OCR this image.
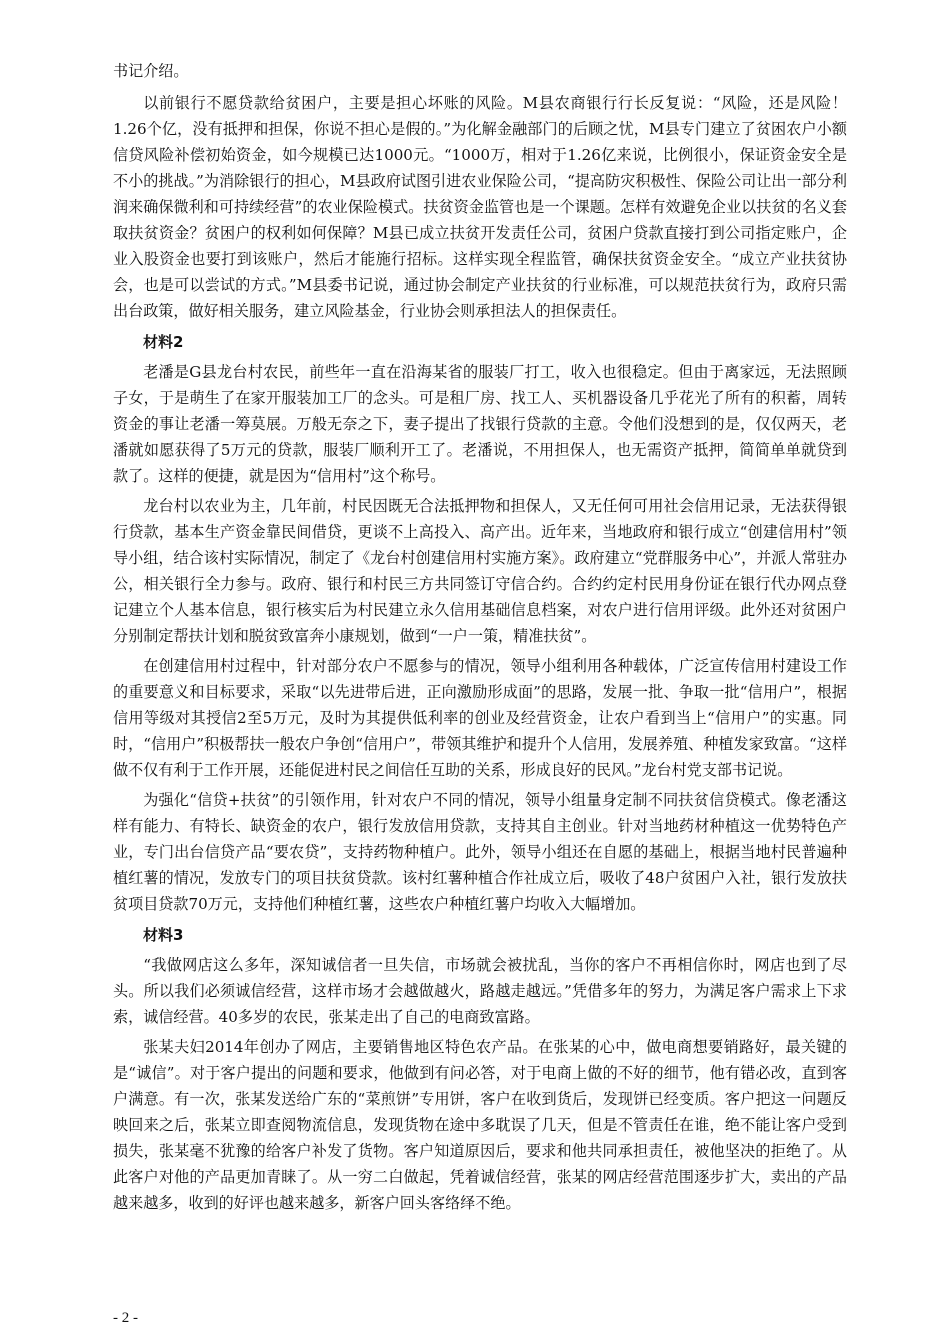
书记介绍。

以前银行不愿贷款给贫困户，主要是担心坏账的风险。M县农商银行行长反复说：“风险，还是风险！1.26个亿，没有抵押和担保，你说不担心是假的。”为化解金融部门的后顾之忧，M县专门建立了贫困农户小额信贷风险补偿初始资金，如今规模已达1000元。“1000万，相对于1.26亿来说，比例很小，保证资金安全是不小的挑战。”为消除银行的担心，M县政府试图引进农业保险公司，“提高防灾积极性、保险公司让出一部分利润来确保微利和可持续经营”的农业保险模式。扶贫资金监管也是一个课题。怎样有效避免企业以扶贫的名义套取扶贫资金？贫困户的权利如何保障？M县已成立扶贫开发责任公司，贫困户贷款直接打到公司指定账户，企业入股资金也要打到该账户，然后才能施行招标。这样实现全程监管，确保扶贫资金安全。“成立产业扶贫协会，也是可以尝试的方式。”M县委书记说，通过协会制定产业扶贫的行业标准，可以规范扶贫行为，政府只需出台政策，做好相关服务，建立风险基金，行业协会则承担法人的担保责任。

材料2

老潘是G县龙台村农民，前些年一直在沿海某省的服装厂打工，收入也很稳定。但由于离家远，无法照顾子女，于是萌生了在家开服装加工厂的念头。可是租厂房、找工人、买机器设备几乎花光了所有的积蓄，周转资金的事让老潘一筹莫展。万般无奈之下，妻子提出了找银行贷款的主意。令他们没想到的是，仅仅两天，老潘就如愿获得了5万元的贷款，服装厂顺利开工了。老潘说，不用担保人，也无需资产抵押，简简单单就贷到款了。这样的便捷，就是因为“信用村”这个称号。

龙台村以农业为主，几年前，村民因既无合法抵押物和担保人，又无任何可用社会信用记录，无法获得银行贷款，基本生产资金靠民间借贷，更谈不上高投入、高产出。近年来，当地政府和银行成立“创建信用村”领导小组，结合该村实际情况，制定了《龙台村创建信用村实施方案》。政府建立“党群服务中心”，并派人常驻办公，相关银行全力参与。政府、银行和村民三方共同签订守信合约。合约约定村民用身份证在银行代办网点登记建立个人基本信息，银行核实后为村民建立永久信用基础信息档案，对农户进行信用评级。此外还对贫困户分别制定帮扶计划和脱贫致富奔小康规划，做到“一户一策，精准扶贫”。

在创建信用村过程中，针对部分农户不愿参与的情况，领导小组利用各种载体，广泛宣传信用村建设工作的重要意义和目标要求，采取“以先进带后进，正向激励形成面”的思路，发展一批、争取一批“信用户”，根据信用等级对其授信2至5万元，及时为其提供低利率的创业及经营资金，让农户看到当上“信用户”的实惠。同时，“信用户”积极帮扶一般农户争创“信用户”，带领其维护和提升个人信用，发展养殖、种植发家致富。“这样做不仅有利于工作开展，还能促进村民之间信任互助的关系，形成良好的民风。”龙台村党支部书记说。

为强化“信贷+扶贫”的引领作用，针对农户不同的情况，领导小组量身定制不同扶贫信贷模式。像老潘这样有能力、有特长、缺资金的农户，银行发放信用贷款，支持其自主创业。针对当地药材种植这一优势特色产业，专门出台信贷产品“要农贷”，支持药物种植户。此外，领导小组还在自愿的基础上，根据当地村民普遍种植红薯的情况，发放专门的项目扶贫贷款。该村红薯种植合作社成立后，吸收了48户贫困户入社，银行发放扶贫项目贷款70万元，支持他们种植红薯，这些农户种植红薯户均收入大幅增加。

材料3

“我做网店这么多年，深知诚信者一旦失信，市场就会被扰乱，当你的客户不再相信你时，网店也到了尽头。所以我们必须诚信经营，这样市场才会越做越火，路越走越远。”凭借多年的努力，为满足客户需求上下求索，诚信经营。40多岁的农民，张某走出了自己的电商致富路。

张某夫妇2014年创办了网店，主要销售地区特色农产品。在张某的心中，做电商想要销路好，最关键的是“诚信”。对于客户提出的问题和要求，他做到有问必答，对于电商上做的不好的细节，他有错必改，直到客户满意。有一次，张某发送给广东的“菜煎饼”专用饼，客户在收到货后，发现饼已经变质。客户把这一问题反映回来之后，张某立即查阅物流信息，发现货物在途中多耽误了几天，但是不管责任在谁，绝不能让客户受到损失，张某毫不犹豫的给客户补发了货物。客户知道原因后，要求和他共同承担责任，被他坚决的拒绝了。从此客户对他的产品更加青睐了。从一穷二白做起，凭着诚信经营，张某的网店经营范围逐步扩大，卖出的产品越来越多，收到的好评也越来越多，新客户回头客络绎不绝。

- 2 -
